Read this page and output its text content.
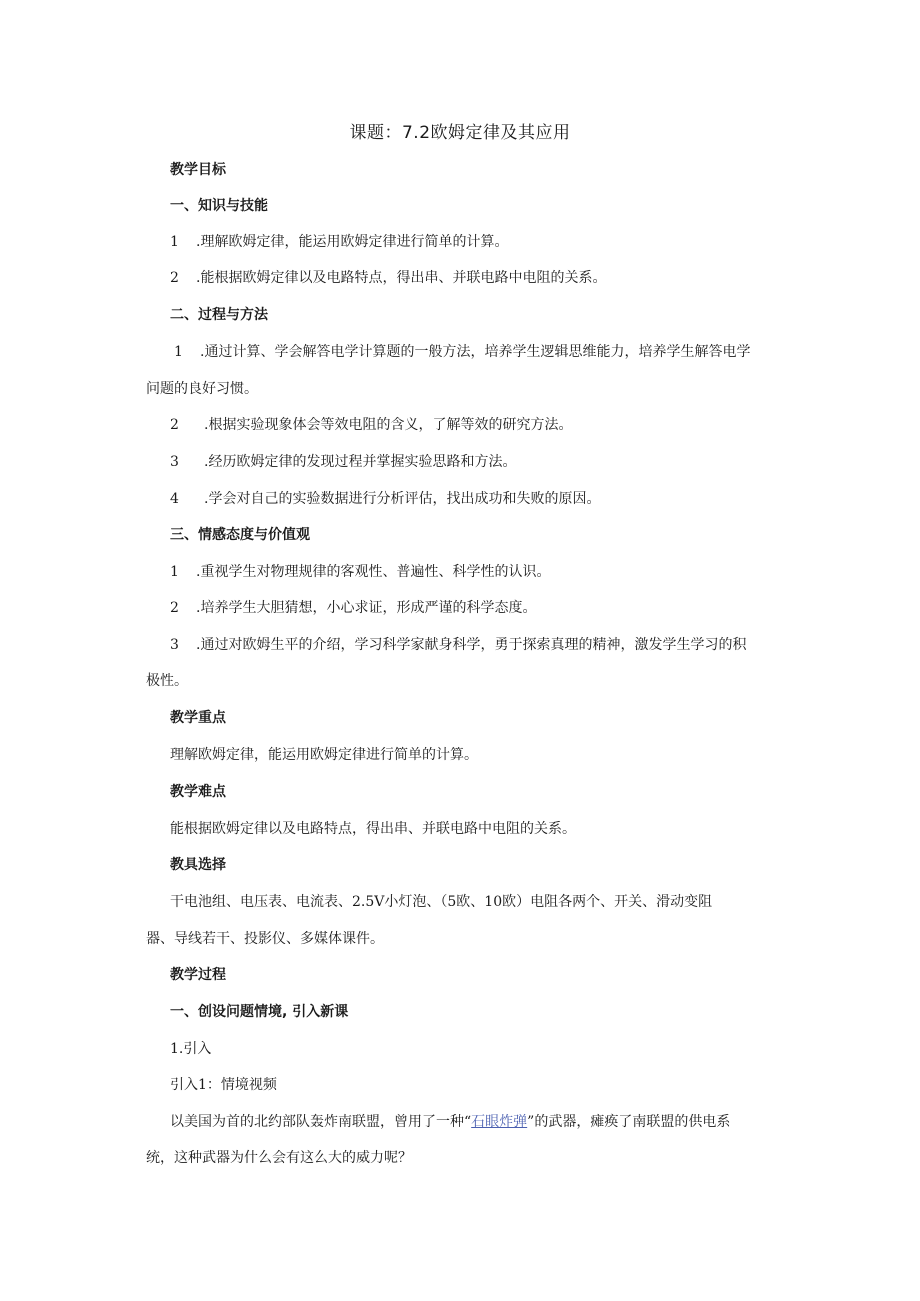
课题：7.2欧姆定律及其应用
教学目标
一、知识与技能
1 .理解欧姆定律，能运用欧姆定律进行简单的计算。
2 .能根据欧姆定律以及电路特点，得出串、并联电路中电阻的关系。
二、过程与方法
1 .通过计算、学会解答电学计算题的一般方法，培养学生逻辑思维能力，培养学生解答电学
问题的良好习惯。
2 .根据实验现象体会等效电阻的含义，了解等效的研究方法。
3 .经历欧姆定律的发现过程并掌握实验思路和方法。
4 .学会对自己的实验数据进行分析评估，找出成功和失败的原因。
三、情感态度与价值观
1 .重视学生对物理规律的客观性、普遍性、科学性的认识。
2 .培养学生大胆猜想，小心求证，形成严谨的科学态度。
3 .通过对欧姆生平的介绍，学习科学家献身科学，勇于探索真理的精神，激发学生学习的积
极性。
教学重点
理解欧姆定律，能运用欧姆定律进行简单的计算。
教学难点
能根据欧姆定律以及电路特点，得出串、并联电路中电阻的关系。
教具选择
干电池组、电压表、电流表、2.5V小灯泡、（5欧、10欧）电阻各两个、开关、滑动变阻
器、导线若干、投影仪、多媒体课件。
教学过程
一、创设问题情境, 引入新课
1.引入
引入1：情境视频
以美国为首的北约部队轰炸南联盟，曾用了一种“石眼炸弹”的武器，瘫痪了南联盟的供电系
统，这种武器为什么会有这么大的威力呢？
